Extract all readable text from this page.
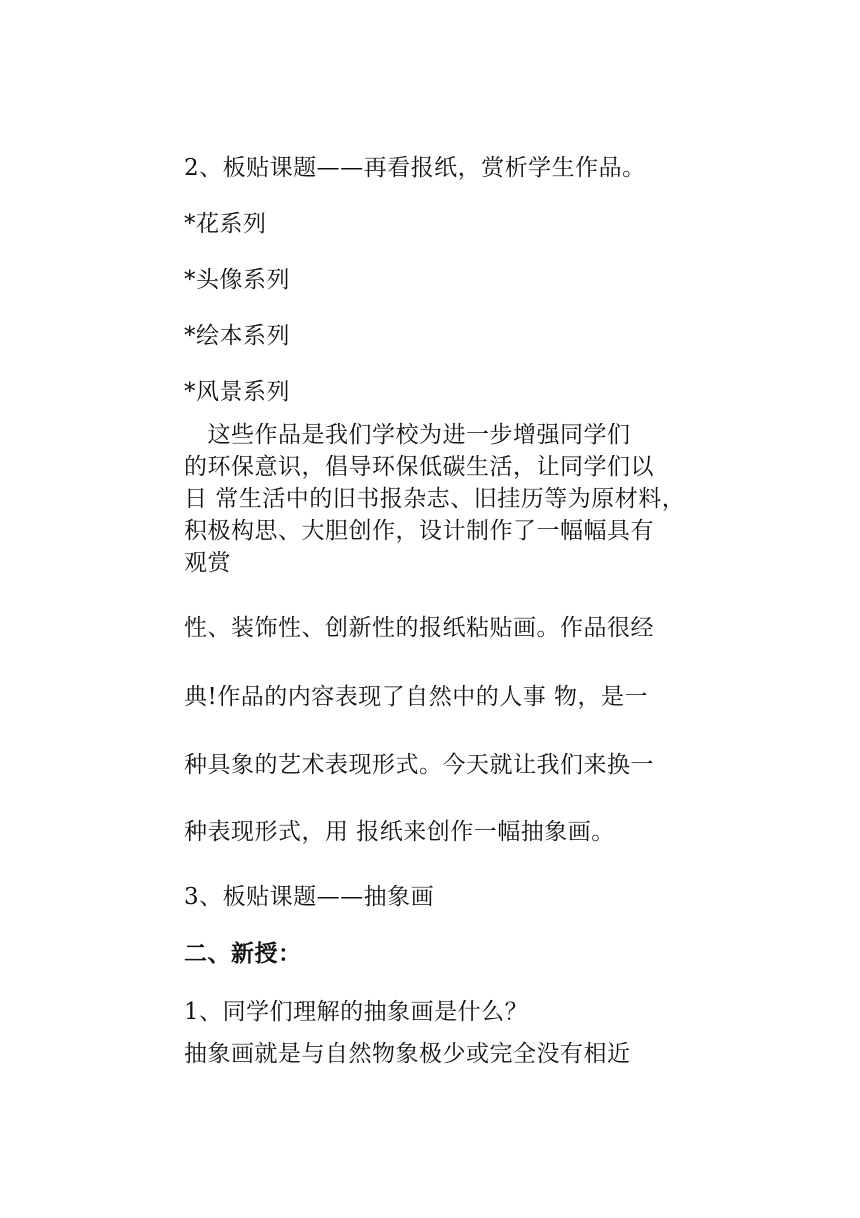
2、板贴课题——再看报纸，赏析学生作品。
*花系列
*头像系列
*绘本系列
*风景系列
　这些作品是我们学校为进一步增强同学们
的环保意识，倡导环保低碳生活，让同学们以
日 常生活中的旧书报杂志、旧挂历等为原材料，
积极构思、大胆创作，设计制作了一幅幅具有
观赏
性、装饰性、创新性的报纸粘贴画。作品很经
典!作品的内容表现了自然中的人事 物，是一
种具象的艺术表现形式。今天就让我们来换一
种表现形式，用 报纸来创作一幅抽象画。
3、板贴课题——抽象画
二、新授：
1、同学们理解的抽象画是什么？
抽象画就是与自然物象极少或完全没有相近
